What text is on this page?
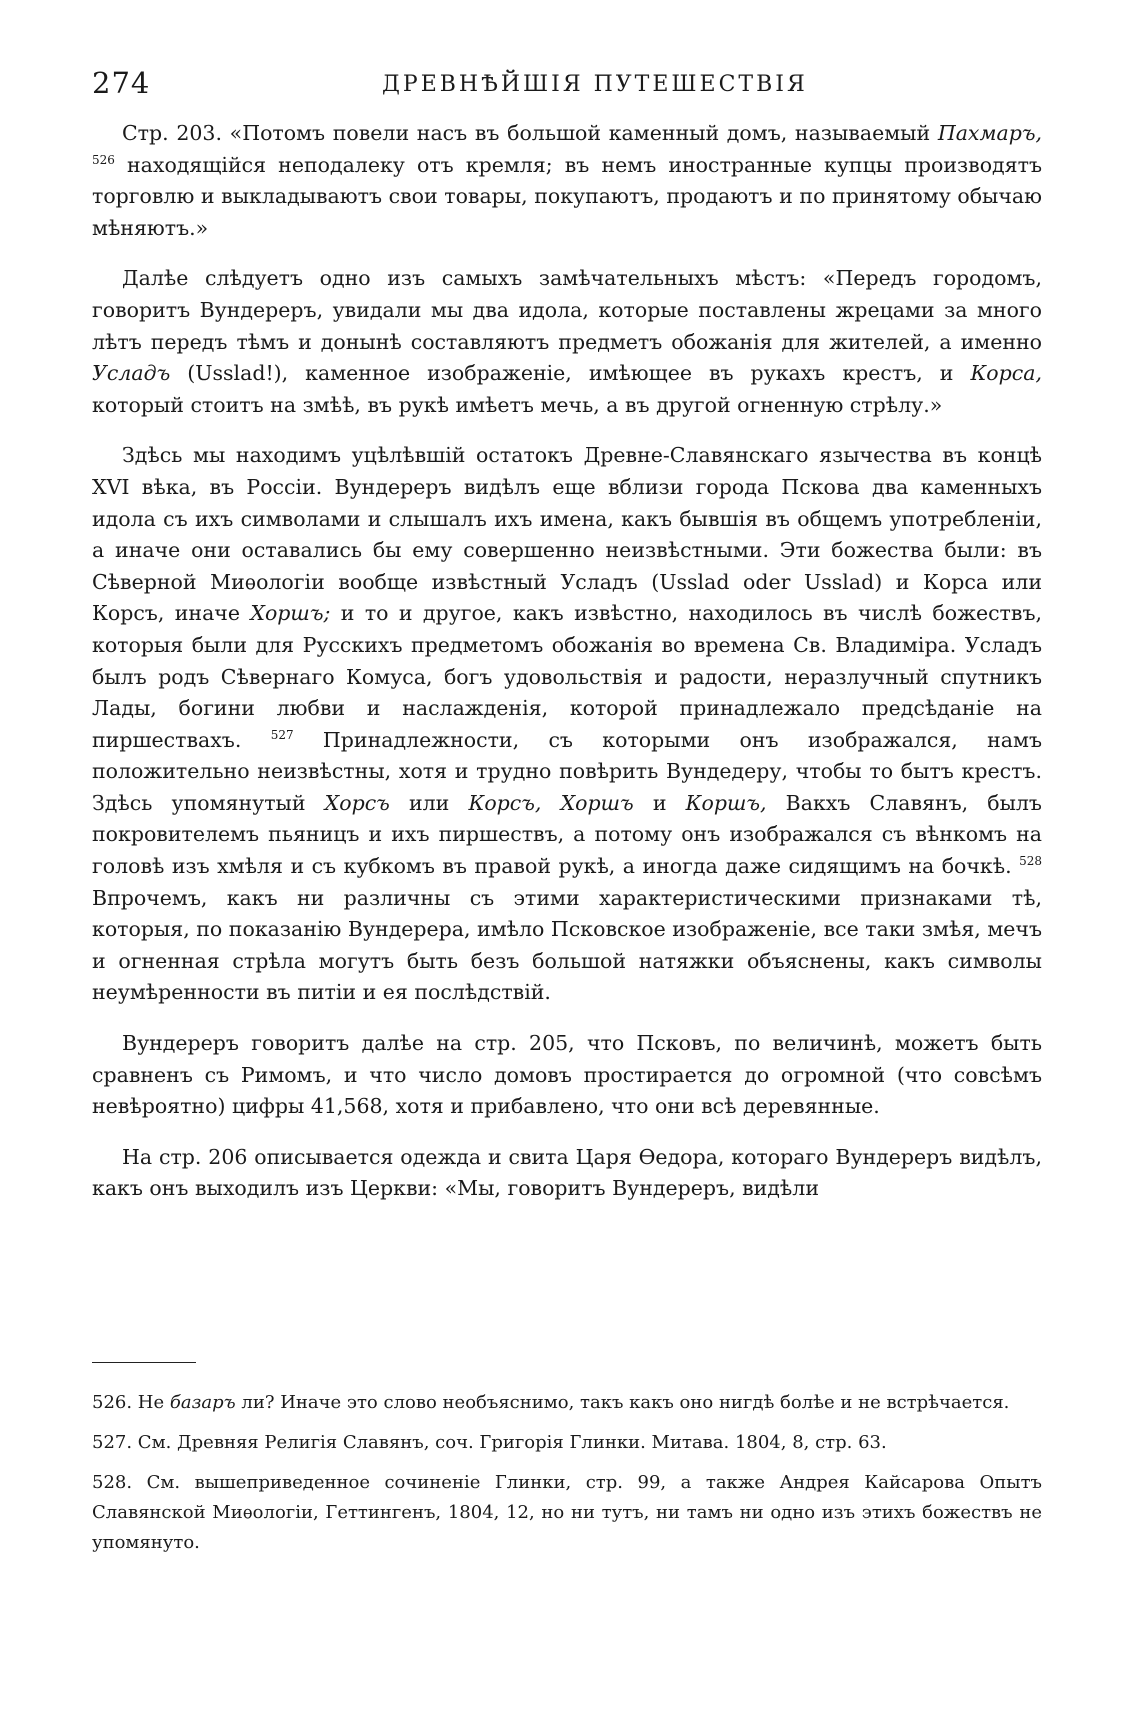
274	ДРЕВНѢЙШІЯ ПУТЕШЕСТВІЯ

Стр. 203. «Потомъ повели насъ въ большой каменный домъ, называемый Пахмаръ, $^{526}$ находящійся неподалеку отъ кремля; въ немъ иностранные купцы производятъ торговлю и выкладываютъ свои товары, покупаютъ, продаютъ и по принятому обычаю мѣняютъ.»

Далѣе слѣдуетъ одно изъ самыхъ замѣчательныхъ мѣстъ: «Передъ городомъ, говоритъ Вундереръ, увидали мы два идола, которые поставлены жрецами за много лѣтъ передъ тѣмъ и донынѣ составляютъ предметъ обожанія для жителей, а именно Усладъ (Usslad!), каменное изображеніе, имѣющее въ рукахъ крестъ, и Корса, который стоитъ на змѣѣ, въ рукѣ имѣетъ мечь, а въ другой огненную стрѣлу.»

Здѣсь мы находимъ уцѣлѣвшій остатокъ Древне-Славянскаго язычества въ концѣ XVI вѣка, въ Россіи. Вундереръ видѣлъ еще вблизи города Пскова два каменныхъ идола съ ихъ символами и слышалъ ихъ имена, какъ бывшія въ общемъ употребленіи, а иначе они оставались бы ему совершенно неизвѣстными. Эти божества были: въ Сѣверной Миѳологіи вообще извѣстный Усладъ (Usslad oder Usslad) и Корса или Корсъ, иначе Хоршъ; и то и другое, какъ извѣстно, находилось въ числѣ божествъ, которыя были для Русскихъ предметомъ обожанія во времена Св. Владиміра. Усладъ былъ родъ Сѣвернаго Комуса, богъ удовольствія и радости, неразлучный спутникъ Лады, богини любви и наслажденія, которой принадлежало предсѣданіе на пиршествахъ. $^{527}$ Принадлежности, съ которыми онъ изображался, намъ положительно неизвѣстны, хотя и трудно повѣрить Вундедеру, чтобы то бытъ крестъ. Здѣсь упомянутый Хорсъ или Корсъ, Хоршъ и Коршъ, Вакхъ Славянъ, былъ покровителемъ пьяницъ и ихъ пиршествъ, а потому онъ изображался съ вѣнкомъ на головѣ изъ хмѣля и съ кубкомъ въ правой рукѣ, а иногда даже сидящимъ на бочкѣ. $^{528}$ Впрочемъ, какъ ни различны съ этими характеристическими признаками тѣ, которыя, по показанію Вундерера, имѣло Псковское изображеніе, все таки змѣя, мечъ и огненная стрѣла могутъ быть безъ большой натяжки объяснены, какъ символы неумѣренности въ питіи и ея послѣдствій.

Вундереръ говоритъ далѣе на стр. 205, что Псковъ, по величинѣ, можетъ быть сравненъ съ Римомъ, и что число домовъ простирается до огромной (что совсѣмъ невѣроятно) цифры 41,568, хотя и прибавлено, что они всѣ деревянные.

На стр. 206 описывается одежда и свита Царя Ѳедора, котораго Вундереръ видѣлъ, какъ онъ выходилъ изъ Церкви: «Мы, говоритъ Вундереръ, видѣли

526. Не базаръ ли? Иначе это слово необъяснимо, такъ какъ оно нигдѣ болѣе и не встрѣчается.
527. См. Древняя Религія Славянъ, соч. Григорія Глинки. Митава. 1804, 8, стр. 63.
528. См. вышеприведенное сочиненіе Глинки, стр. 99, а также Андрея Кайсарова Опытъ Славянской Миѳологіи, Геттингенъ, 1804, 12, но ни тутъ, ни тамъ ни одно изъ этихъ божествъ не упомянуто.
